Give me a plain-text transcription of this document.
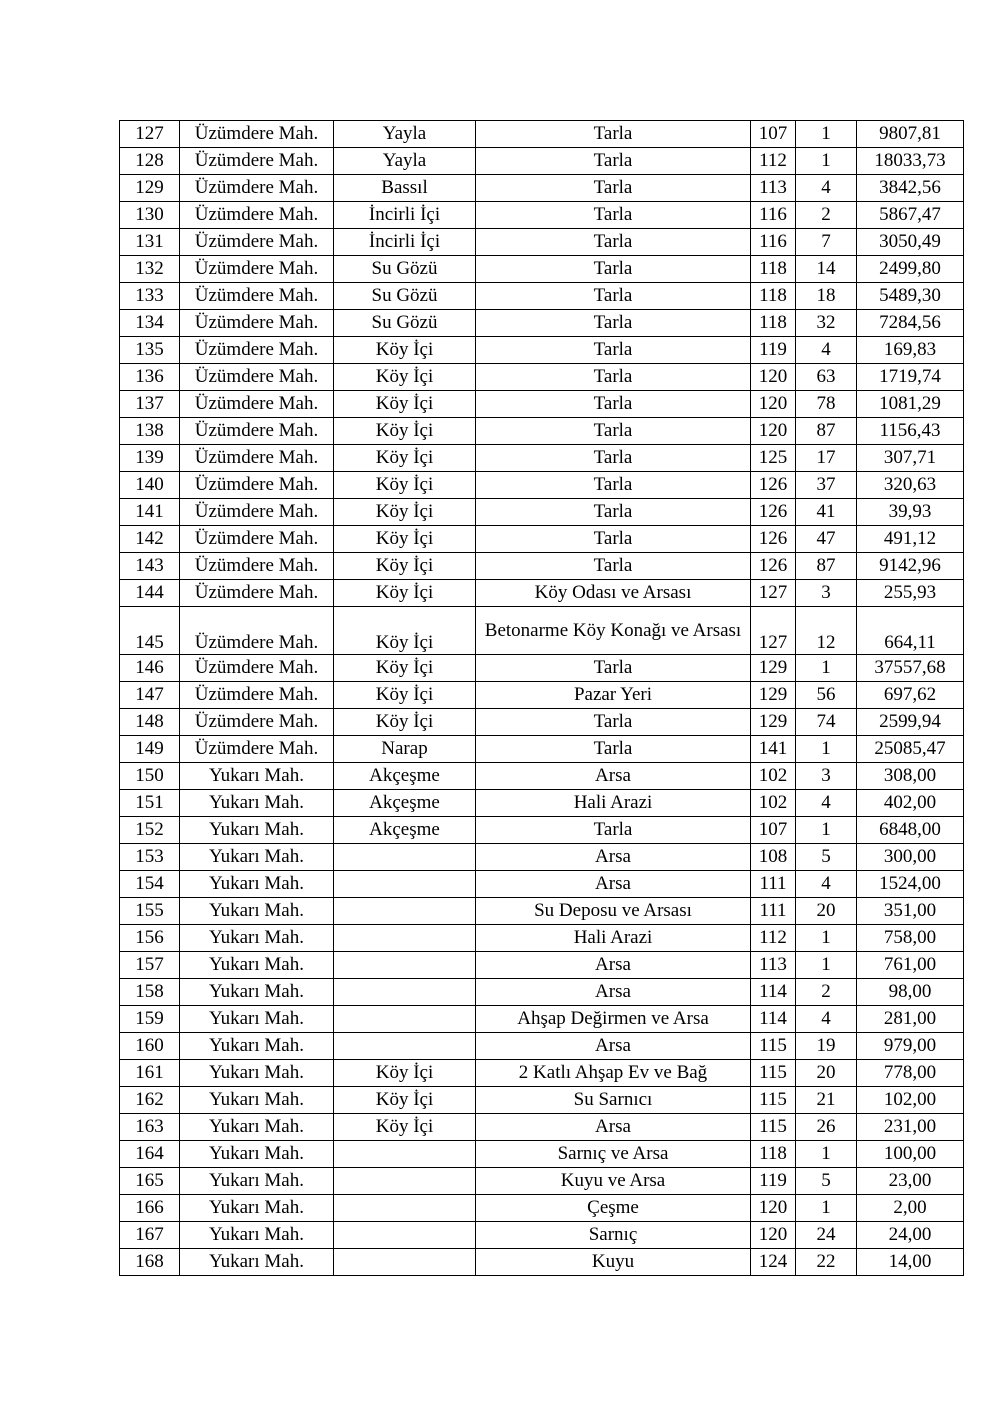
127	Üzümdere Mah.	Yayla	Tarla	107	1	9807,81
128	Üzümdere Mah.	Yayla	Tarla	112	1	18033,73
129	Üzümdere Mah.	Bassıl	Tarla	113	4	3842,56
130	Üzümdere Mah.	İncirli İçi	Tarla	116	2	5867,47
131	Üzümdere Mah.	İncirli İçi	Tarla	116	7	3050,49
132	Üzümdere Mah.	Su Gözü	Tarla	118	14	2499,80
133	Üzümdere Mah.	Su Gözü	Tarla	118	18	5489,30
134	Üzümdere Mah.	Su Gözü	Tarla	118	32	7284,56
135	Üzümdere Mah.	Köy İçi	Tarla	119	4	169,83
136	Üzümdere Mah.	Köy İçi	Tarla	120	63	1719,74
137	Üzümdere Mah.	Köy İçi	Tarla	120	78	1081,29
138	Üzümdere Mah.	Köy İçi	Tarla	120	87	1156,43
139	Üzümdere Mah.	Köy İçi	Tarla	125	17	307,71
140	Üzümdere Mah.	Köy İçi	Tarla	126	37	320,63
141	Üzümdere Mah.	Köy İçi	Tarla	126	41	39,93
142	Üzümdere Mah.	Köy İçi	Tarla	126	47	491,12
143	Üzümdere Mah.	Köy İçi	Tarla	126	87	9142,96
144	Üzümdere Mah.	Köy İçi	Köy Odası ve Arsası	127	3	255,93
145	Üzümdere Mah.	Köy İçi	Betonarme Köy Konağı ve Arsası	127	12	664,11
146	Üzümdere Mah.	Köy İçi	Tarla	129	1	37557,68
147	Üzümdere Mah.	Köy İçi	Pazar Yeri	129	56	697,62
148	Üzümdere Mah.	Köy İçi	Tarla	129	74	2599,94
149	Üzümdere Mah.	Narap	Tarla	141	1	25085,47
150	Yukarı Mah.	Akçeşme	Arsa	102	3	308,00
151	Yukarı Mah.	Akçeşme	Hali Arazi	102	4	402,00
152	Yukarı Mah.	Akçeşme	Tarla	107	1	6848,00
153	Yukarı Mah.		Arsa	108	5	300,00
154	Yukarı Mah.		Arsa	111	4	1524,00
155	Yukarı Mah.		Su Deposu ve Arsası	111	20	351,00
156	Yukarı Mah.		Hali Arazi	112	1	758,00
157	Yukarı Mah.		Arsa	113	1	761,00
158	Yukarı Mah.		Arsa	114	2	98,00
159	Yukarı Mah.		Ahşap Değirmen ve Arsa	114	4	281,00
160	Yukarı Mah.		Arsa	115	19	979,00
161	Yukarı Mah.	Köy İçi	2 Katlı Ahşap Ev ve Bağ	115	20	778,00
162	Yukarı Mah.	Köy İçi	Su Sarnıcı	115	21	102,00
163	Yukarı Mah.	Köy İçi	Arsa	115	26	231,00
164	Yukarı Mah.		Sarnıç ve Arsa	118	1	100,00
165	Yukarı Mah.		Kuyu ve Arsa	119	5	23,00
166	Yukarı Mah.		Çeşme	120	1	2,00
167	Yukarı Mah.		Sarnıç	120	24	24,00
168	Yukarı Mah.		Kuyu	124	22	14,00
